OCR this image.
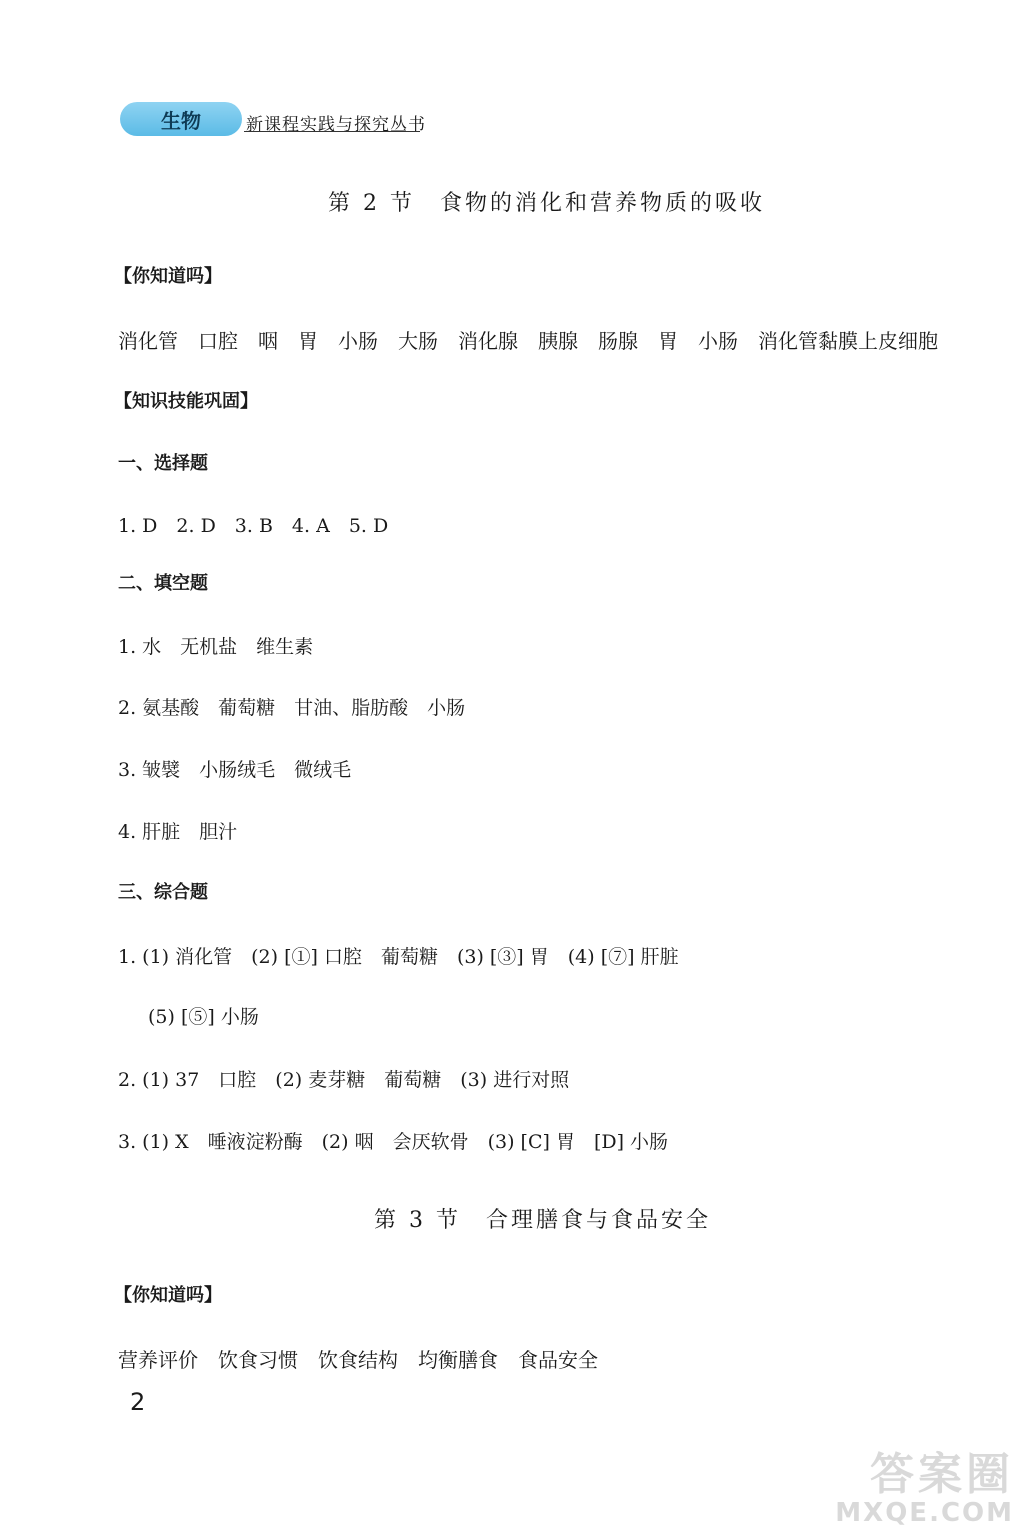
生物	新课程实践与探究丛书
第 2 节　食物的消化和营养物质的吸收
【你知道吗】
消化管　口腔　咽　胃　小肠　大肠　消化腺　胰腺　肠腺　胃　小肠　消化管黏膜上皮细胞
【知识技能巩固】
一、选择题
1. D　2. D　3. B　4. A　5. D
二、填空题
1. 水　无机盐　维生素
2. 氨基酸　葡萄糖　甘油、脂肪酸　小肠
3. 皱襞　小肠绒毛　微绒毛
4. 肝脏　胆汁
三、综合题
1. (1) 消化管　(2) [①] 口腔　葡萄糖　(3) [③] 胃　(4) [⑦] 肝脏
(5) [⑤] 小肠
2. (1) 37　口腔　(2) 麦芽糖　葡萄糖　(3) 进行对照
3. (1) X　唾液淀粉酶　(2) 咽　会厌软骨　(3) [C] 胃　[D] 小肠
第 3 节　合理膳食与食品安全
【你知道吗】
营养评价　饮食习惯　饮食结构　均衡膳食　食品安全
2
答案圈
MXQE.COM
